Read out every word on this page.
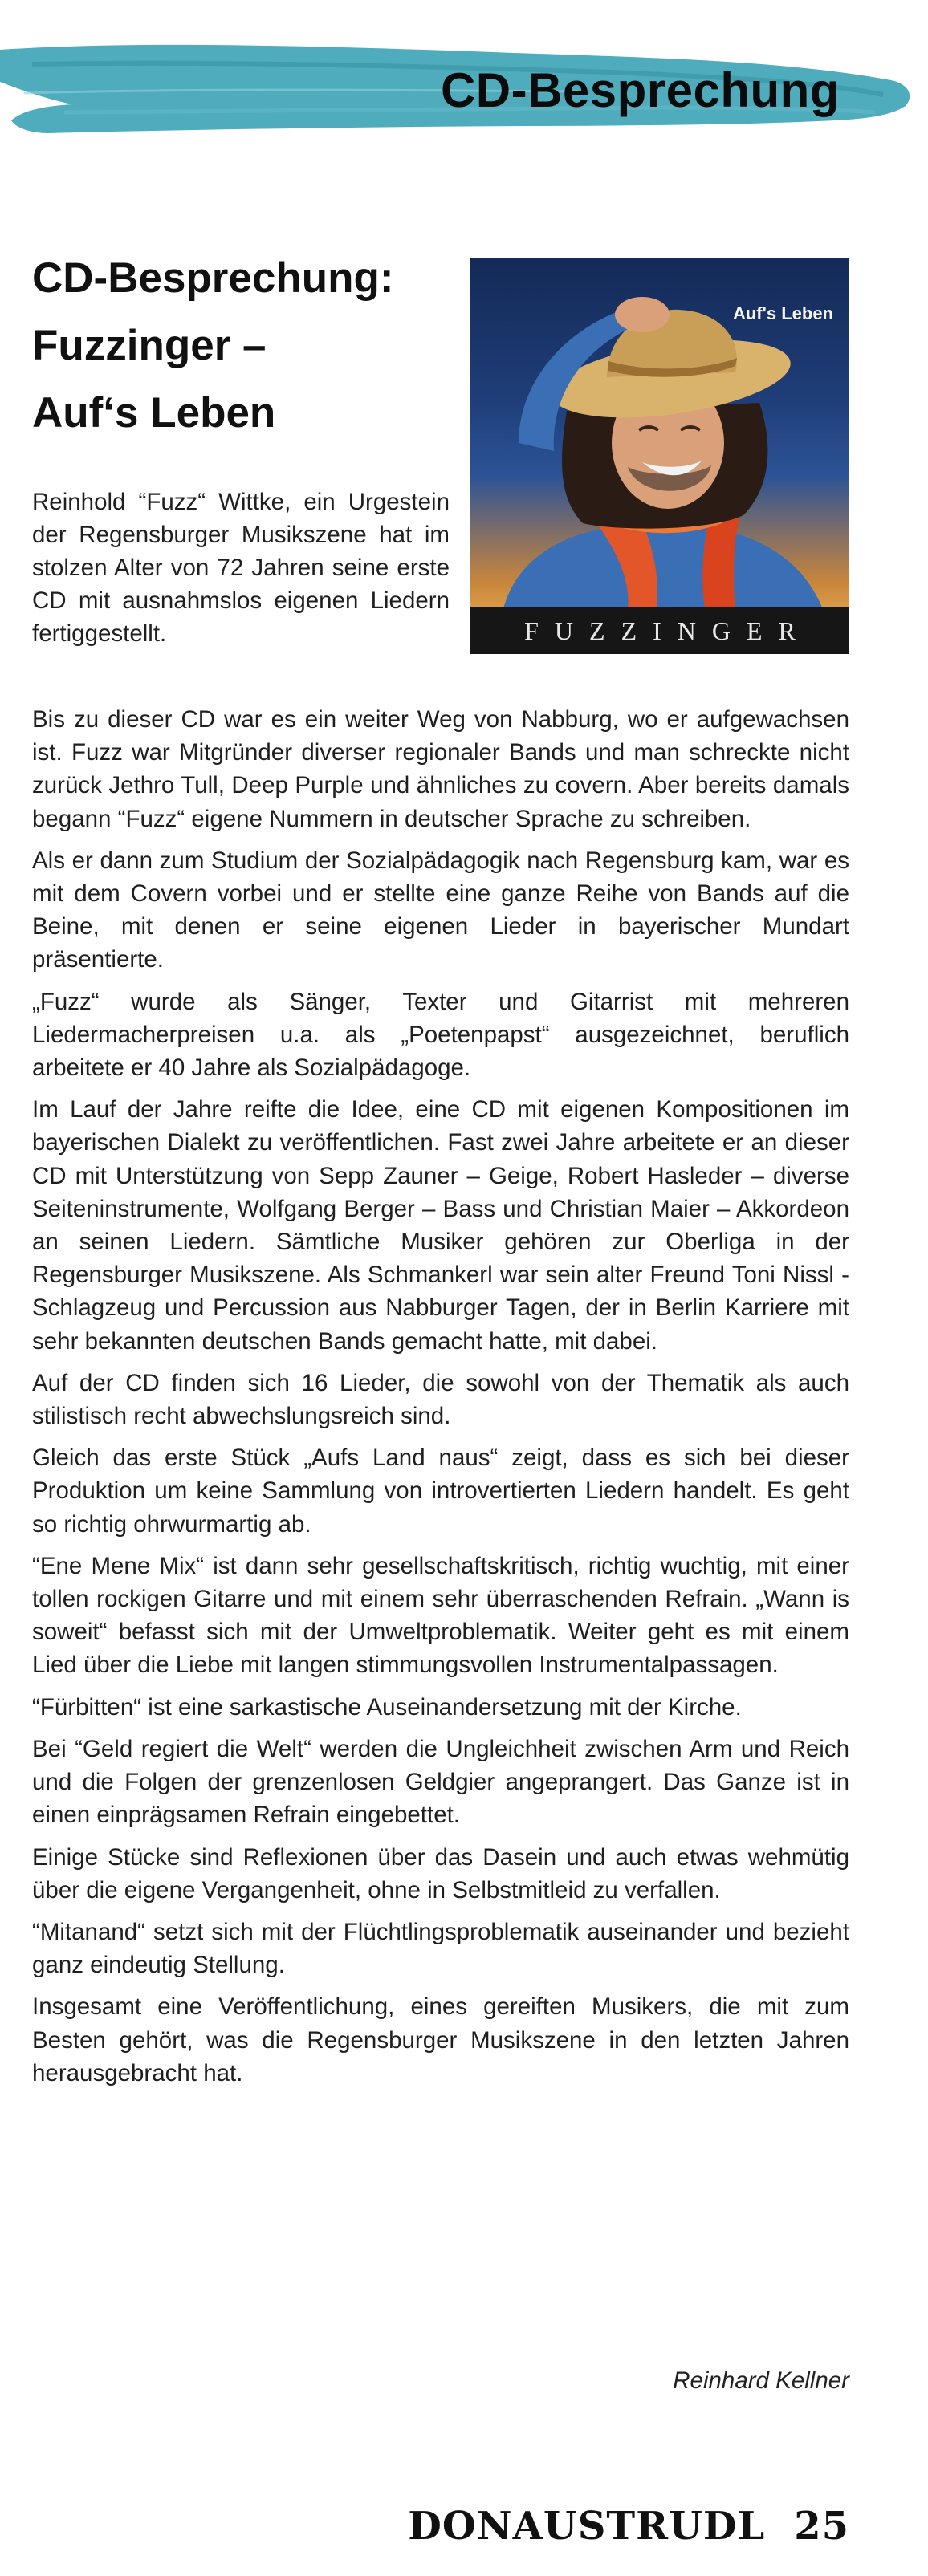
CD-Besprechung
CD-Besprechung:
Fuzzinger –
Auf‘s Leben
Auf's Leben
FUZZINGER

Reinhold “Fuzz“ Wittke, ein Urgestein der Regensburger Musikszene hat im stolzen Alter von 72 Jahren seine erste CD mit ausnahmslos eigenen Liedern fertiggestellt.

Bis zu dieser CD war es ein weiter Weg von Nabburg, wo er aufgewachsen ist. Fuzz war Mitgründer diverser regionaler Bands und man schreckte nicht zurück Jethro Tull, Deep Purple und ähnliches zu covern. Aber bereits damals begann “Fuzz“ eigene Nummern in deutscher Sprache zu schreiben.

Als er dann zum Studium der Sozialpädagogik nach Regensburg kam, war es mit dem Covern vorbei und er stellte eine ganze Reihe von Bands auf die Beine, mit denen er seine eigenen Lieder in bayerischer Mundart präsentierte.

„Fuzz“ wurde als Sänger, Texter und Gitarrist mit mehreren Liedermacherpreisen u.a. als „Poetenpapst“ ausgezeichnet, beruflich arbeitete er 40 Jahre als Sozialpädagoge.

Im Lauf der Jahre reifte die Idee, eine CD mit eigenen Kompositionen im bayerischen Dialekt zu veröffentlichen. Fast zwei Jahre arbeitete er an dieser CD mit Unterstützung von Sepp Zauner – Geige, Robert Hasleder – diverse Seiteninstrumente, Wolfgang Berger – Bass und Christian Maier – Akkordeon an seinen Liedern. Sämtliche Musiker gehören zur Oberliga in der Regensburger Musikszene. Als Schmankerl war sein alter Freund Toni Nissl - Schlagzeug und Percussion aus Nabburger Tagen, der in Berlin Karriere mit sehr bekannten deutschen Bands gemacht hatte, mit dabei.

Auf der CD finden sich 16 Lieder, die sowohl von der Thematik als auch stilistisch recht abwechslungsreich sind.

Gleich das erste Stück „Aufs Land naus“ zeigt, dass es sich bei dieser Produktion um keine Sammlung von introvertierten Liedern handelt. Es geht so richtig ohrwurmartig ab.

“Ene Mene Mix“ ist dann sehr gesellschaftskritisch, richtig wuchtig, mit einer tollen rockigen Gitarre und mit einem sehr überraschenden Refrain. „Wann is soweit“ befasst sich mit der Umweltproblematik. Weiter geht es mit einem Lied über die Liebe mit langen stimmungsvollen Instrumentalpassagen.

“Fürbitten“ ist eine sarkastische Auseinandersetzung mit der Kirche.

Bei “Geld regiert die Welt“ werden die Ungleichheit zwischen Arm und Reich und die Folgen der grenzenlosen Geldgier angeprangert. Das Ganze ist in einen einprägsamen Refrain eingebettet.

Einige Stücke sind Reflexionen über das Dasein und auch etwas wehmütig über die eigene Vergangenheit, ohne in Selbstmitleid zu verfallen.

“Mitanand“ setzt sich mit der Flüchtlingsproblematik auseinander und bezieht ganz eindeutig Stellung.

Insgesamt eine Veröffentlichung, eines gereiften Musikers, die mit zum Besten gehört, was die Regensburger Musikszene in den letzten Jahren herausgebracht hat.

Reinhard Kellner
DONAUSTRUDL 25
